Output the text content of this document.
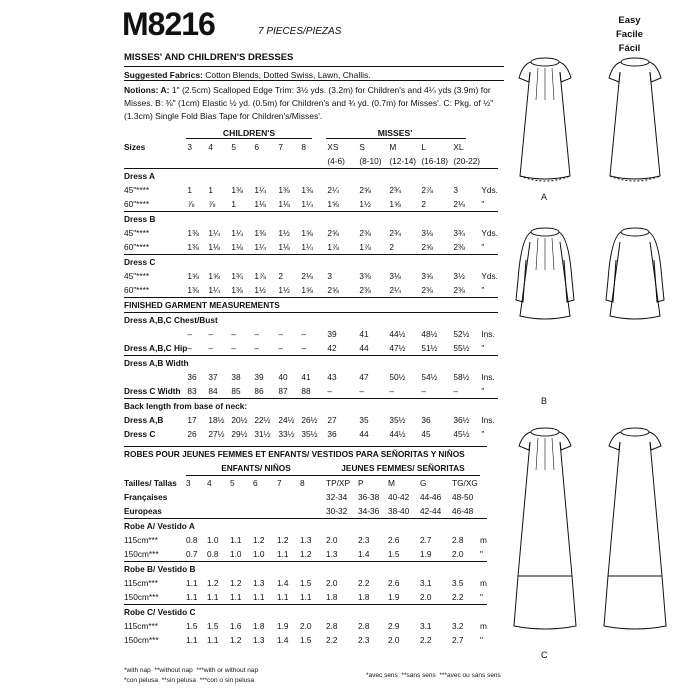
M8216	7 PIECES/PIEZAS
MISSES' AND CHILDREN'S DRESSES
Easy
Facile
Fácil
Suggested Fabrics: Cotton Blends, Dotted Swiss, Lawn, Challis.
Notions: A: 1" (2.5cm) Scalloped Edge Trim: 3½ yds. (3.2m) for Children's and 4¼ yds (3.9m) for Misses. B: ⅜" (1cm) Elastic ½ yd. (0.5m) for Children's and ¾ yd. (0.7m) for Misses'. C: Pkg. of ½" (1.3cm) Single Fold Bias Tape for Children's/Misses'.
CHILDREN'S	MISSES'
Sizes	3	4	5	6	7	8	XS	S	M	L	XL	
							(4-6)	(8-10)	(12-14)	(16-18)	(20-22)	
Dress A												
45"****	1	1	1⅜	1¼	1⅜	1⅜	2¼	2⅝	2¾	2⅞	3	Yds.
60"****	⅞	⅞	1	1⅛	1⅛	1¼	1⅝	1½	1⅝	2	2⅛	"
Dress B												
45"****	1⅜	1¼	1¼	1⅜	1½	1⅝	2⅝	2⅜	2¾	3⅛	3¾	Yds.
60"****	1⅜	1⅛	1⅛	1¼	1⅛	1¼	1⅞	1⅞	2	2⅝	2⅜	"
Dress C												
45"****	1⅝	1⅝	1¾	1⅞	2	2⅛	3	3⅜	3⅛	3⅝	3½	Yds.
60"****	1⅜	1¼	1⅜	1½	1½	1⅝	2⅝	2⅜	2¼	2⅜	2⅜	"
FINISHED GARMENT MEASUREMENTS												
Dress A,B,C Chest/Bust												
	–	–	–	–	–	–	39	41	44½	48½	52½	Ins.
Dress A,B,C Hip	–	–	–	–	–	–	42	44	47½	51½	55½	"
Dress A,B Width												
	36	37	38	39	40	41	43	47	50½	54½	58½	Ins.
Dress C Width	83	84	85	86	87	88	–	–	–	–	–	"
Back length from base of neck:												
Dress A,B	17	18½	20½	22½	24½	26½	27	35	35½	36	36½	Ins.
Dress C	26	27½	29½	31½	33½	35½	36	44	44½	45	45½	"
ROBES POUR JEUNES FEMMES ET ENFANTS/ VESTIDOS PARA SEÑORITAS Y NIÑOS												
	ENFANTS/ NIÑOS						JEUNES FEMMES/ SEÑORITAS					
Tailles/ Tallas	3	4	5	6	7	8	TP/XP	P	M	G	TG/XG	
Françaises							32-34	36-38	40-42	44-46	48-50	
Europeas							30-32	34-36	38-40	42-44	46-48	
Robe A/ Vestido A												
115cm***	0.8	1.0	1.1	1.2	1.2	1.3	2.0	2.3	2.6	2.7	2.8	m
150cm***	0.7	0.8	1.0	1.0	1.1	1.2	1.3	1.4	1.5	1.9	2.0	"
Robe B/ Vestido B												
115cm***	1.1	1.2	1.2	1.3	1.4	1.5	2.0	2.2	2.6	3.1	3.5	m
150cm***	1.1	1.1	1.1	1.1	1.1	1.1	1.8	1.8	1.9	2.0	2.2	"
Robe C/ Vestido C												
115cm***	1.5	1.5	1.6	1.8	1.9	2.0	2.8	2.8	2.9	3.1	3.2	m
150cm***	1.1	1.1	1.2	1.3	1.4	1.5	2.2	2.3	2.0	2.2	2.7	"
*with nap **without nap ***with or without nap
*con pelusa **sin pelusa ***con o sin pelusa
*avec sens **sans sens ***avec ou sans sens
A
B
C
